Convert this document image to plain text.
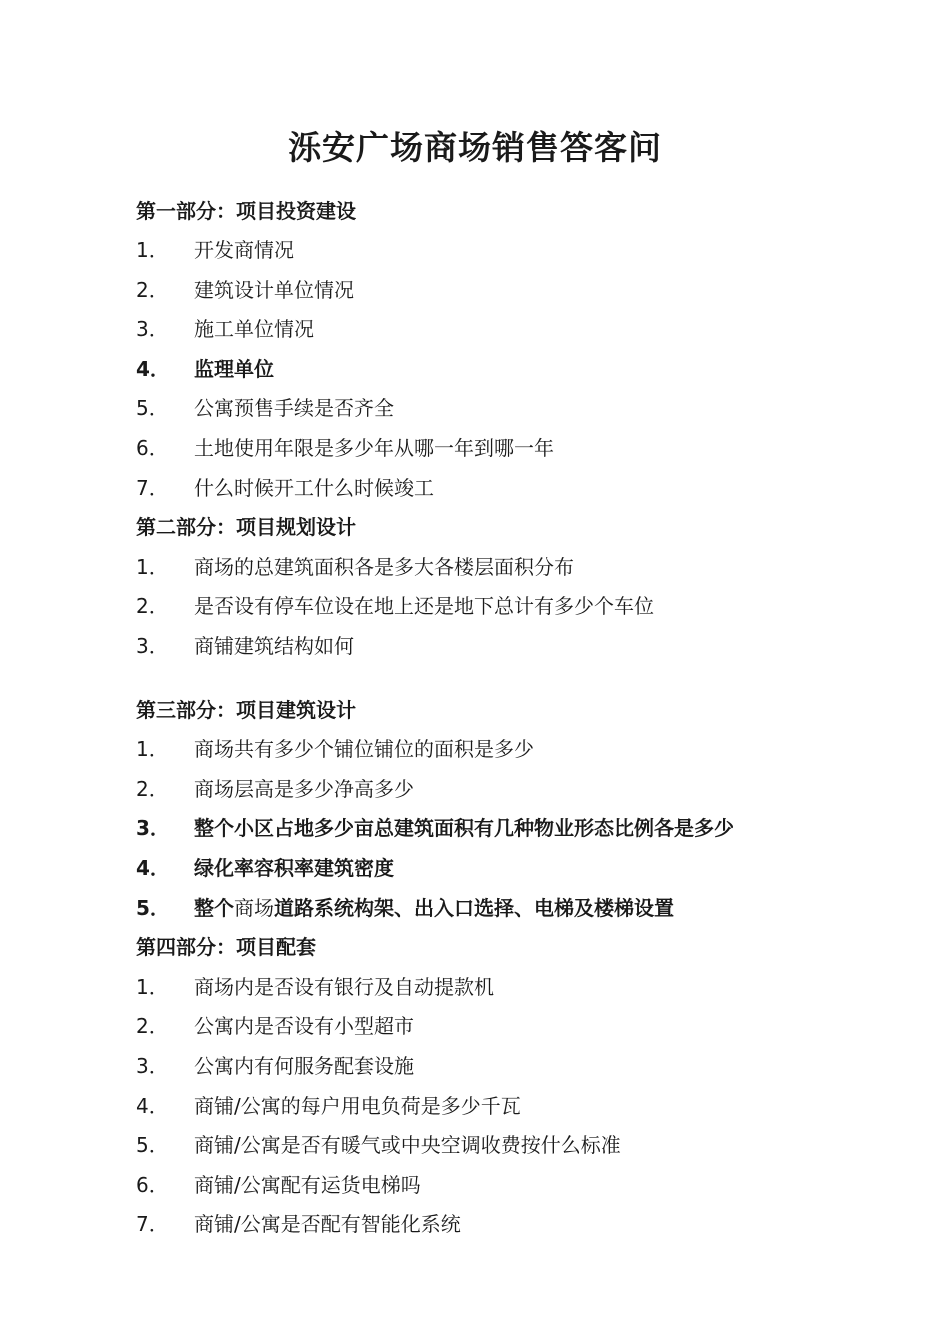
泺安广场商场销售答客问
第一部分：项目投资建设
1．	开发商情况
2．	建筑设计单位情况
3．	施工单位情况
4．	监理单位
5．	公寓预售手续是否齐全
6．	土地使用年限是多少年从哪一年到哪一年
7．	什么时候开工什么时候竣工
第二部分：项目规划设计
1．	商场的总建筑面积各是多大各楼层面积分布
2．	是否设有停车位设在地上还是地下总计有多少个车位
3．	商铺建筑结构如何
第三部分：项目建筑设计
1．	商场共有多少个铺位铺位的面积是多少
2．	商场层高是多少净高多少
3．	整个小区占地多少亩总建筑面积有几种物业形态比例各是多少
4．	绿化率容积率建筑密度
5．	整个商场道路系统构架、出入口选择、电梯及楼梯设置
第四部分：项目配套
1．	商场内是否设有银行及自动提款机
2．	公寓内是否设有小型超市
3．	公寓内有何服务配套设施
4．	商铺/公寓的每户用电负荷是多少千瓦
5．	商铺/公寓是否有暖气或中央空调收费按什么标准
6．	商铺/公寓配有运货电梯吗
7．	商铺/公寓是否配有智能化系统
